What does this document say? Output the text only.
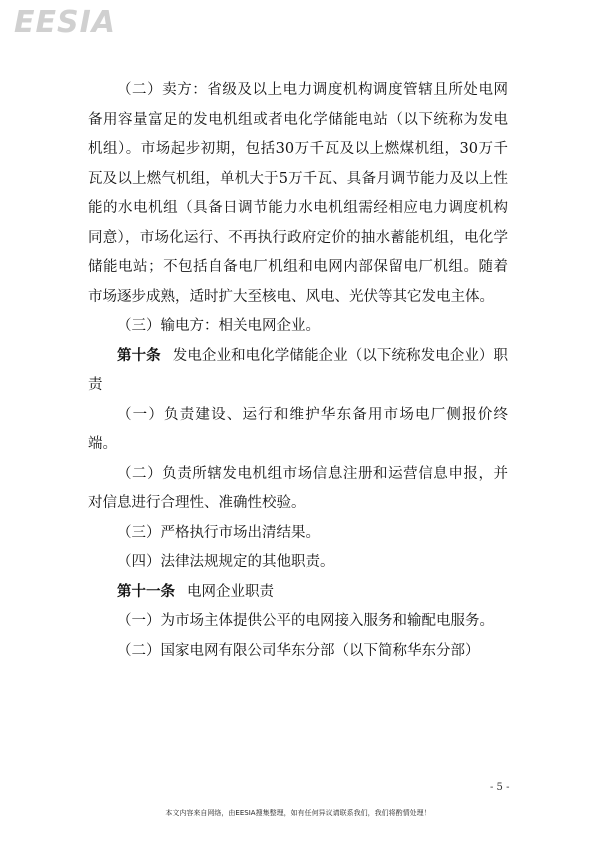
EESIA

（二）卖方：省级及以上电力调度机构调度管辖且所处电网备用容量富足的发电机组或者电化学储能电站（以下统称为发电机组）。市场起步初期，包括30万千瓦及以上燃煤机组，30万千瓦及以上燃气机组，单机大于5万千瓦、具备月调节能力及以上性能的水电机组（具备日调节能力水电机组需经相应电力调度机构同意），市场化运行、不再执行政府定价的抽水蓄能机组，电化学储能电站；不包括自备电厂机组和电网内部保留电厂机组。随着市场逐步成熟，适时扩大至核电、风电、光伏等其它发电主体。

（三）输电方：相关电网企业。

第十条 发电企业和电化学储能企业（以下统称发电企业）职责

（一）负责建设、运行和维护华东备用市场电厂侧报价终端。

（二）负责所辖发电机组市场信息注册和运营信息申报，并对信息进行合理性、准确性校验。

（三）严格执行市场出清结果。

（四）法律法规规定的其他职责。

第十一条 电网企业职责

（一）为市场主体提供公平的电网接入服务和输配电服务。

（二）国家电网有限公司华东分部（以下简称华东分部）

- 5 -
本文内容来自网络，由EESIA搜集整理，如有任何异议请联系我们，我们将酌情处理！
